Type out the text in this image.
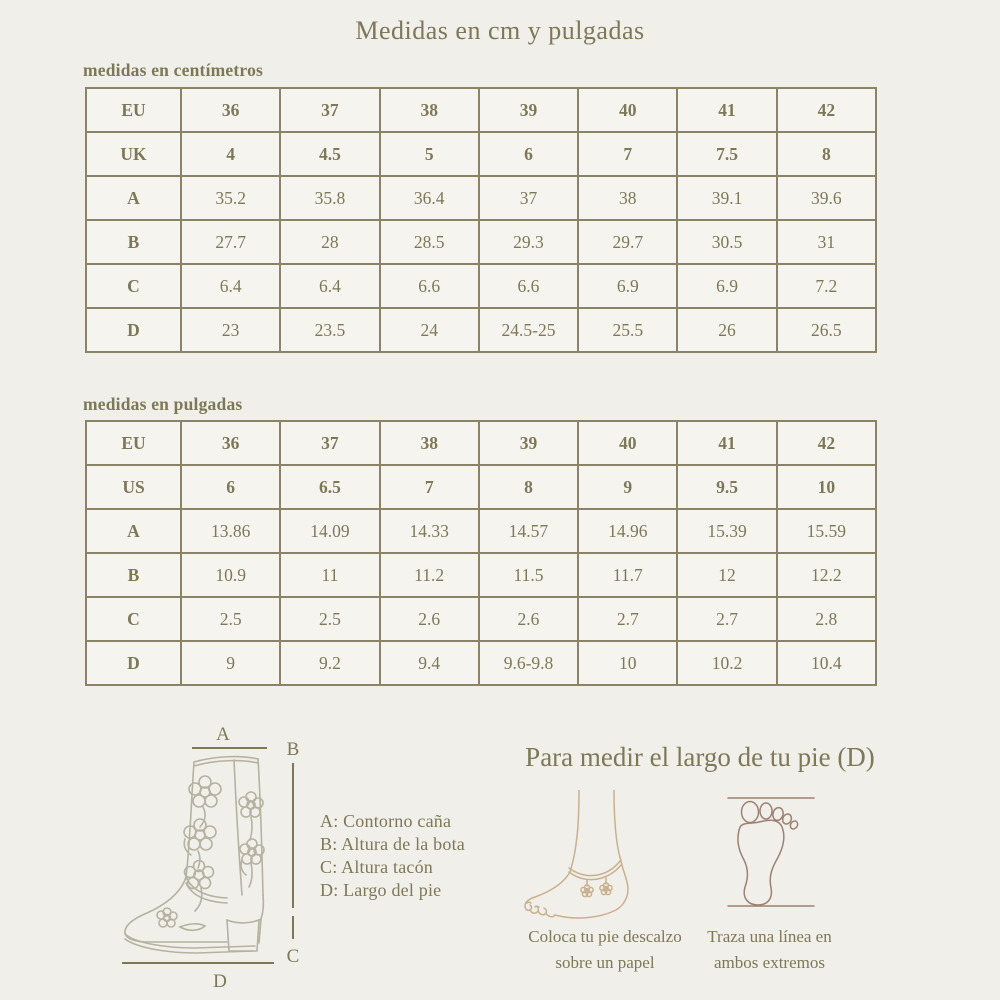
Medidas en cm y pulgadas
medidas en centímetros
EU	36	37	38	39	40	41	42
UK	4	4.5	5	6	7	7.5	8
A	35.2	35.8	36.4	37	38	39.1	39.6
B	27.7	28	28.5	29.3	29.7	30.5	31
C	6.4	6.4	6.6	6.6	6.9	6.9	7.2
D	23	23.5	24	24.5-25	25.5	26	26.5
medidas en pulgadas
EU	36	37	38	39	40	41	42
US	6	6.5	7	8	9	9.5	10
A	13.86	14.09	14.33	14.57	14.96	15.39	15.59
B	10.9	11	11.2	11.5	11.7	12	12.2
C	2.5	2.5	2.6	2.6	2.7	2.7	2.8
D	9	9.2	9.4	9.6-9.8	10	10.2	10.4
A
B
C
D

A: Contorno caña

B: Altura de la bota

C: Altura tacón

D: Largo del pie

Para medir el largo de tu pie (D)
Coloca tu pie descalzo
sobre un papel
Traza una línea en
ambos extremos
